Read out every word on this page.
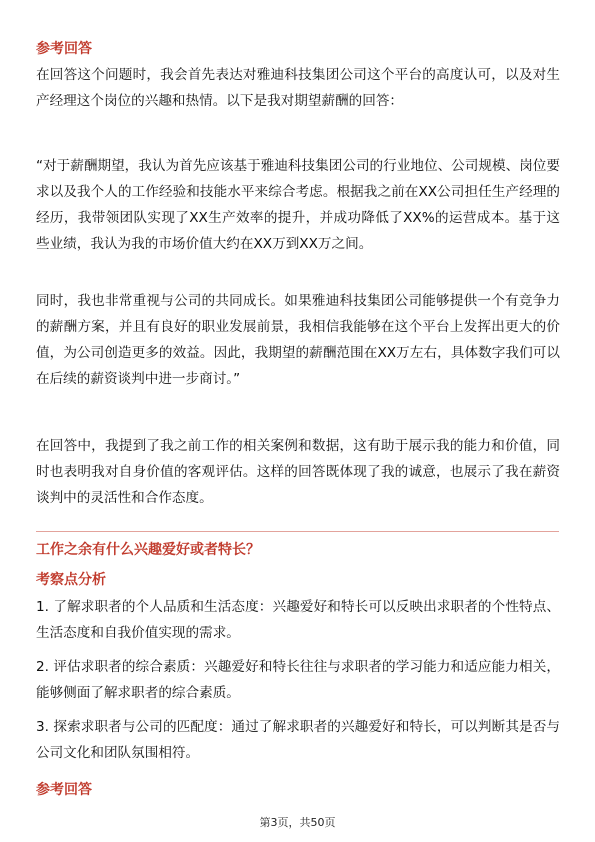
参考回答
在回答这个问题时，我会首先表达对雅迪科技集团公司这个平台的高度认可，以及对生产经理这个岗位的兴趣和热情。以下是我对期望薪酬的回答：
“对于薪酬期望，我认为首先应该基于雅迪科技集团公司的行业地位、公司规模、岗位要求以及我个人的工作经验和技能水平来综合考虑。根据我之前在XX公司担任生产经理的经历，我带领团队实现了XX生产效率的提升，并成功降低了XX%的运营成本。基于这些业绩，我认为我的市场价值大约在XX万到XX万之间。
同时，我也非常重视与公司的共同成长。如果雅迪科技集团公司能够提供一个有竞争力的薪酬方案，并且有良好的职业发展前景，我相信我能够在这个平台上发挥出更大的价值，为公司创造更多的效益。因此，我期望的薪酬范围在XX万左右，具体数字我们可以在后续的薪资谈判中进一步商讨。”
在回答中，我提到了我之前工作的相关案例和数据，这有助于展示我的能力和价值，同时也表明我对自身价值的客观评估。这样的回答既体现了我的诚意，也展示了我在薪资谈判中的灵活性和合作态度。
工作之余有什么兴趣爱好或者特长？
考察点分析
1. 了解求职者的个人品质和生活态度：兴趣爱好和特长可以反映出求职者的个性特点、生活态度和自我价值实现的需求。
2. 评估求职者的综合素质：兴趣爱好和特长往往与求职者的学习能力和适应能力相关，能够侧面了解求职者的综合素质。
3. 探索求职者与公司的匹配度：通过了解求职者的兴趣爱好和特长，可以判断其是否与公司文化和团队氛围相符。
参考回答
第3页，共50页
